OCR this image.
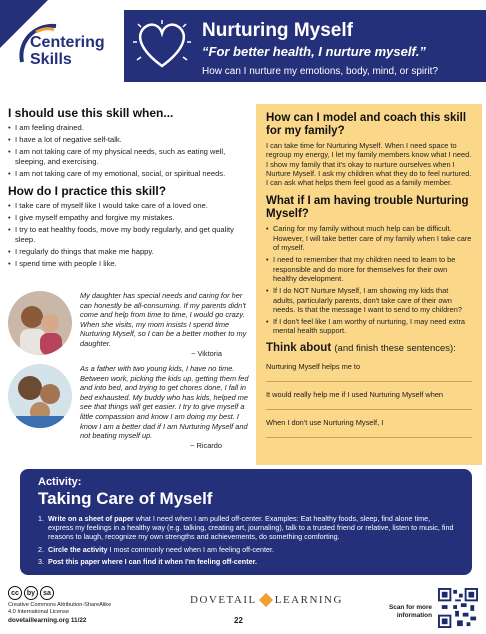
Centering
Skills
Nurturing Myself
“For better health, I nurture myself.”
How can I nurture my emotions, body, mind, or spirit?
I should use this skill when...
• I am feeling drained.
• I have a lot of negative self-talk.
• I am not taking care of my physical needs, such as eating well, sleeping, and exercising.
• I am not taking care of my emotional, social, or spiritual needs.
How do I practice this skill?
• I take care of myself like I would take care of a loved one.
• I give myself empathy and forgive my mistakes.
• I try to eat healthy foods, move my body regularly, and get quality sleep.
• I regularly do things that make me happy.
• I spend time with people I like.
My daughter has special needs and caring for her can honestly be all-consuming. If my parents didn't come and help from time to time, I would go crazy. When she visits, my mom insists I spend time Nurturing Myself, so I can be a better mother to my daughter.
~ Viktoria
As a father with two young kids, I have no time. Between work, picking the kids up, getting them fed and into bed, and trying to get chores done, I fall in bed exhausted. My buddy who has kids, helped me see that things will get easier. I try to give myself a little compassion and know I am doing my best. I know I am a better dad if I am Nurturing Myself and not beating myself up.
~ Ricardo
How can I model and coach this skill for my family?

I can take time for Nurturing Myself. When I need space to regroup my energy, I let my family members know what I need. I show my family that it's okay to nurture ourselves when I Nurture Myself. I ask my children what they do to feel nurtured. I can ask what helps them feel good as a family member.

What if I am having trouble Nurturing Myself?
• Caring for my family without much help can be difficult. However, I will take better care of my family when I take care of myself.
• I need to remember that my children need to learn to be responsible and do more for themselves for their own healthy development.
• If I do NOT Nurture Myself, I am showing my kids that adults, particularly parents, don't take care of their own needs. Is that the message I want to send to my children?
• If I don't feel like I am worthy of nurturing, I may need extra mental health support.
Think about (and finish these sentences):
Nurturing Myself helps me to
It would really help me if I used Nurturing Myself when
When I don't use Nurturing Myself, I
Activity:
Taking Care of Myself
1. Write on a sheet of paper what I need when I am pulled off-center. Examples: Eat healthy foods, sleep, find alone time, express my feelings in a healthy way (e.g. talking, creating art, journaling), talk to a trusted friend or relative, listen to music, find reasons to laugh, recognize my own strengths and achievements, do something comforting.
2. Circle the activity I most commonly need when I am feeling off-center.
3. Post this paper where I can find it when I'm feeling off-center.
cc	by	sa
Creative Commons Attribution-ShareAlike 4.0 International License
dovetaillearning.org 11/22
DOVETAIL LEARNING
22
Scan for more information
